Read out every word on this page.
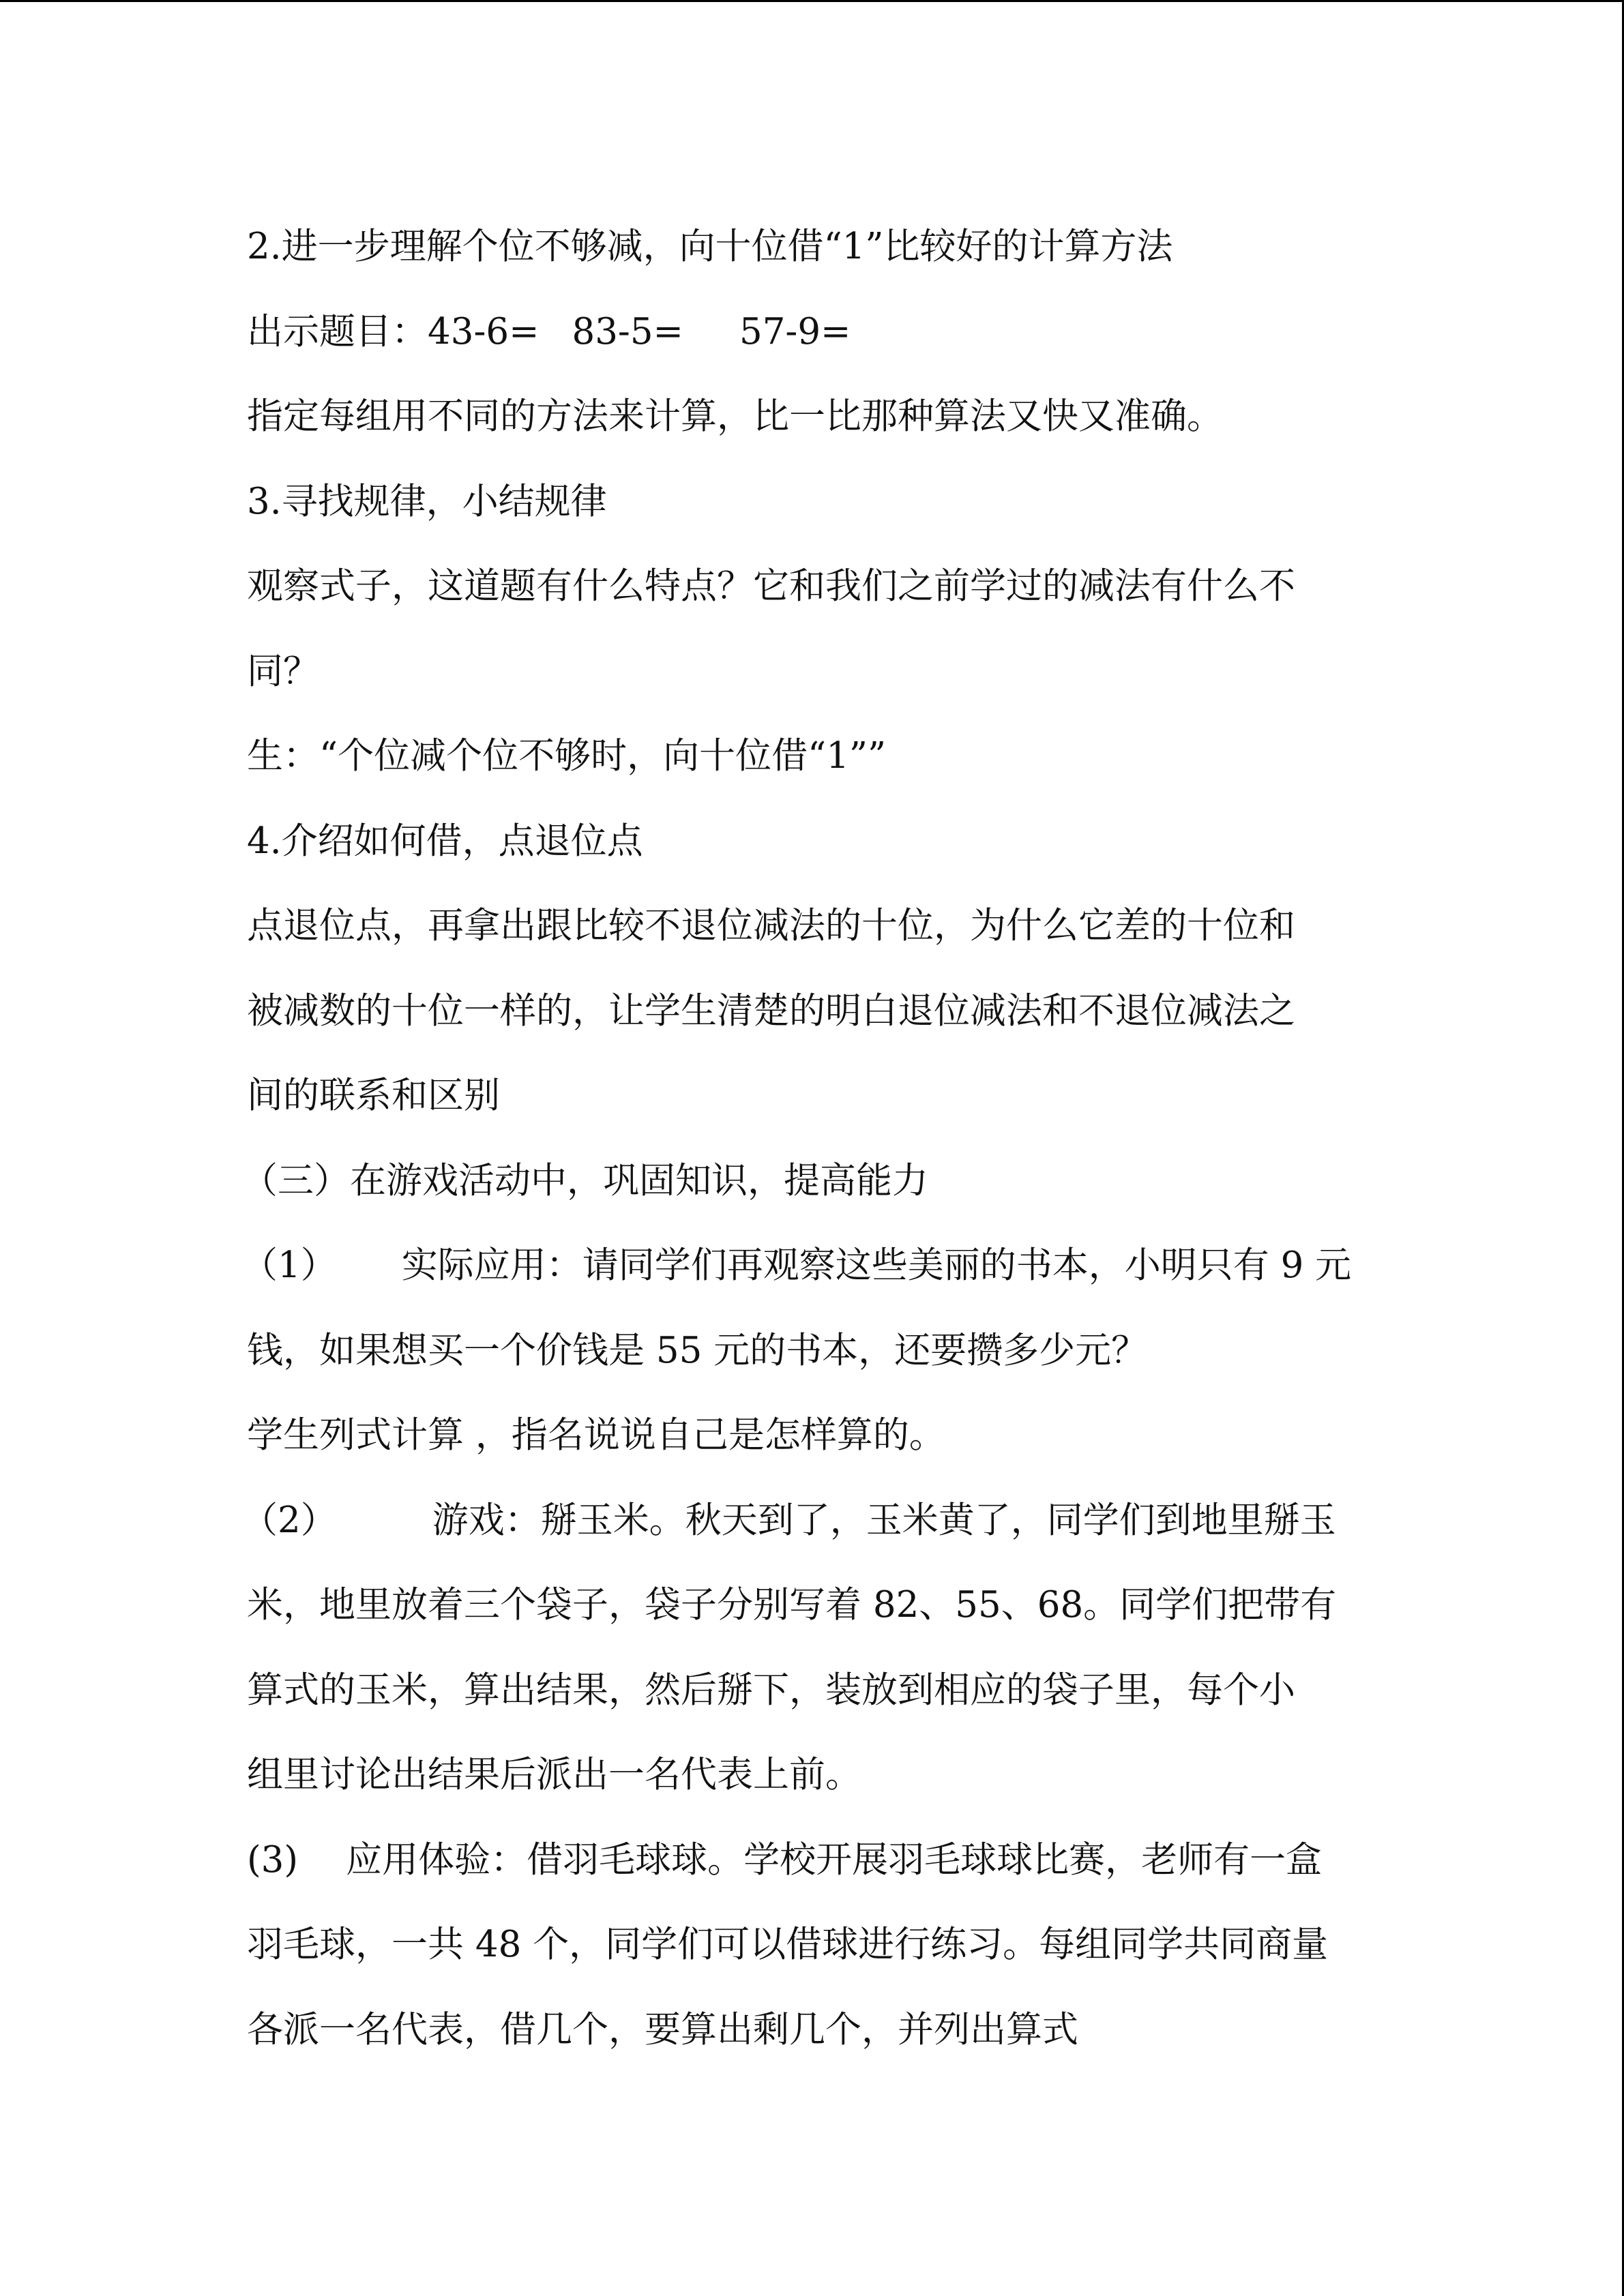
2.进一步理解个位不够减，向十位借“1”比较好的计算方法
出示题目：43-6= 83-5= 57-9=
指定每组用不同的方法来计算，比一比那种算法又快又准确。
3.寻找规律，小结规律
观察式子，这道题有什么特点？它和我们之前学过的减法有什么不
同？
生：“个位减个位不够时，向十位借“1””
4.介绍如何借，点退位点
点退位点，再拿出跟比较不退位减法的十位，为什么它差的十位和
被减数的十位一样的，让学生清楚的明白退位减法和不退位减法之
间的联系和区别
（三）在游戏活动中，巩固知识，提高能力
（1） 实际应用：请同学们再观察这些美丽的书本，小明只有 9 元
钱，如果想买一个价钱是 55 元的书本，还要攒多少元？
学生列式计算 ，指名说说自己是怎样算的。
（2）	游戏：掰玉米。秋天到了，玉米黄了，同学们到地里掰玉
米，地里放着三个袋子，袋子分别写着 82、55、68。同学们把带有
算式的玉米，算出结果，然后掰下，装放到相应的袋子里，每个小
组里讨论出结果后派出一名代表上前。
(3) 应用体验：借羽毛球球。学校开展羽毛球球比赛，老师有一盒
羽毛球，一共 48 个，同学们可以借球进行练习。每组同学共同商量
各派一名代表，借几个，要算出剩几个，并列出算式
